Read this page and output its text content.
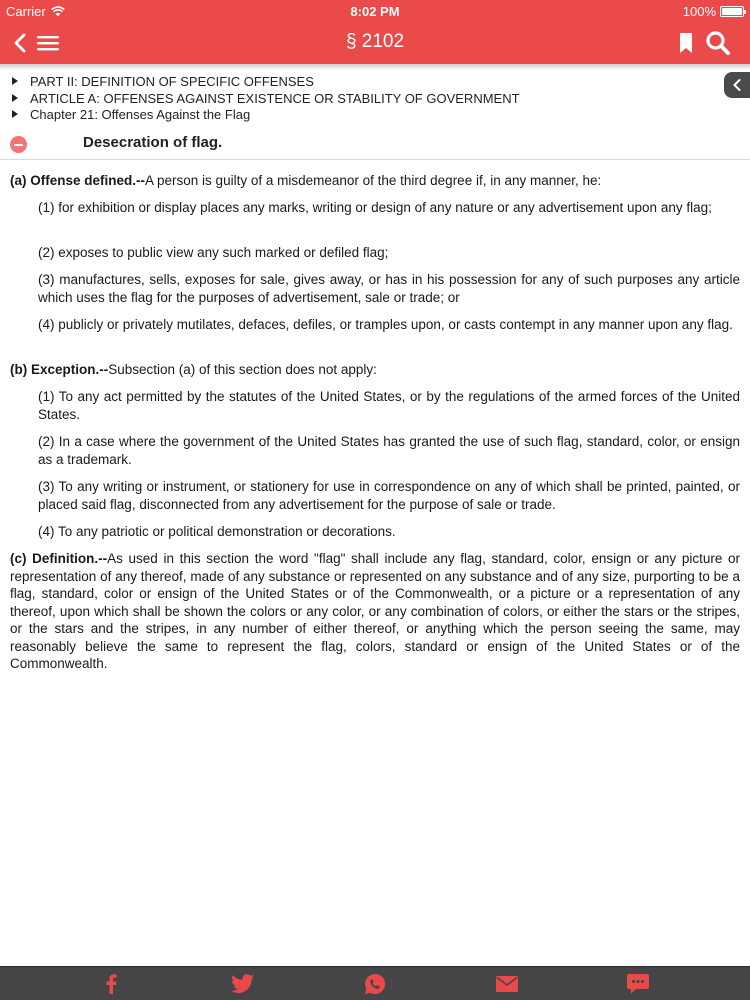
Carrier	8:02 PM	100%
§ 2102
PART II: DEFINITION OF SPECIFIC OFFENSES
ARTICLE A: OFFENSES AGAINST EXISTENCE OR STABILITY OF GOVERNMENT
Chapter 21: Offenses Against the Flag
Desecration of flag.
(a) Offense defined.--A person is guilty of a misdemeanor of the third degree if, in any manner, he:
(1) for exhibition or display places any marks, writing or design of any nature or any advertisement upon any flag;
(2) exposes to public view any such marked or defiled flag;
(3) manufactures, sells, exposes for sale, gives away, or has in his possession for any of such purposes any article which uses the flag for the purposes of advertisement, sale or trade; or
(4) publicly or privately mutilates, defaces, defiles, or tramples upon, or casts contempt in any manner upon any flag.
(b) Exception.--Subsection (a) of this section does not apply:
(1) To any act permitted by the statutes of the United States, or by the regulations of the armed forces of the United States.
(2) In a case where the government of the United States has granted the use of such flag, standard, color, or ensign as a trademark.
(3) To any writing or instrument, or stationery for use in correspondence on any of which shall be printed, painted, or placed said flag, disconnected from any advertisement for the purpose of sale or trade.
(4) To any patriotic or political demonstration or decorations.
(c) Definition.--As used in this section the word "flag" shall include any flag, standard, color, ensign or any picture or representation of any thereof, made of any substance or represented on any substance and of any size, purporting to be a flag, standard, color or ensign of the United States or of the Commonwealth, or a picture or a representation of any thereof, upon which shall be shown the colors or any color, or any combination of colors, or either the stars or the stripes, or the stars and the stripes, in any number of either thereof, or anything which the person seeing the same, may reasonably believe the same to represent the flag, colors, standard or ensign of the United States or of the Commonwealth.
